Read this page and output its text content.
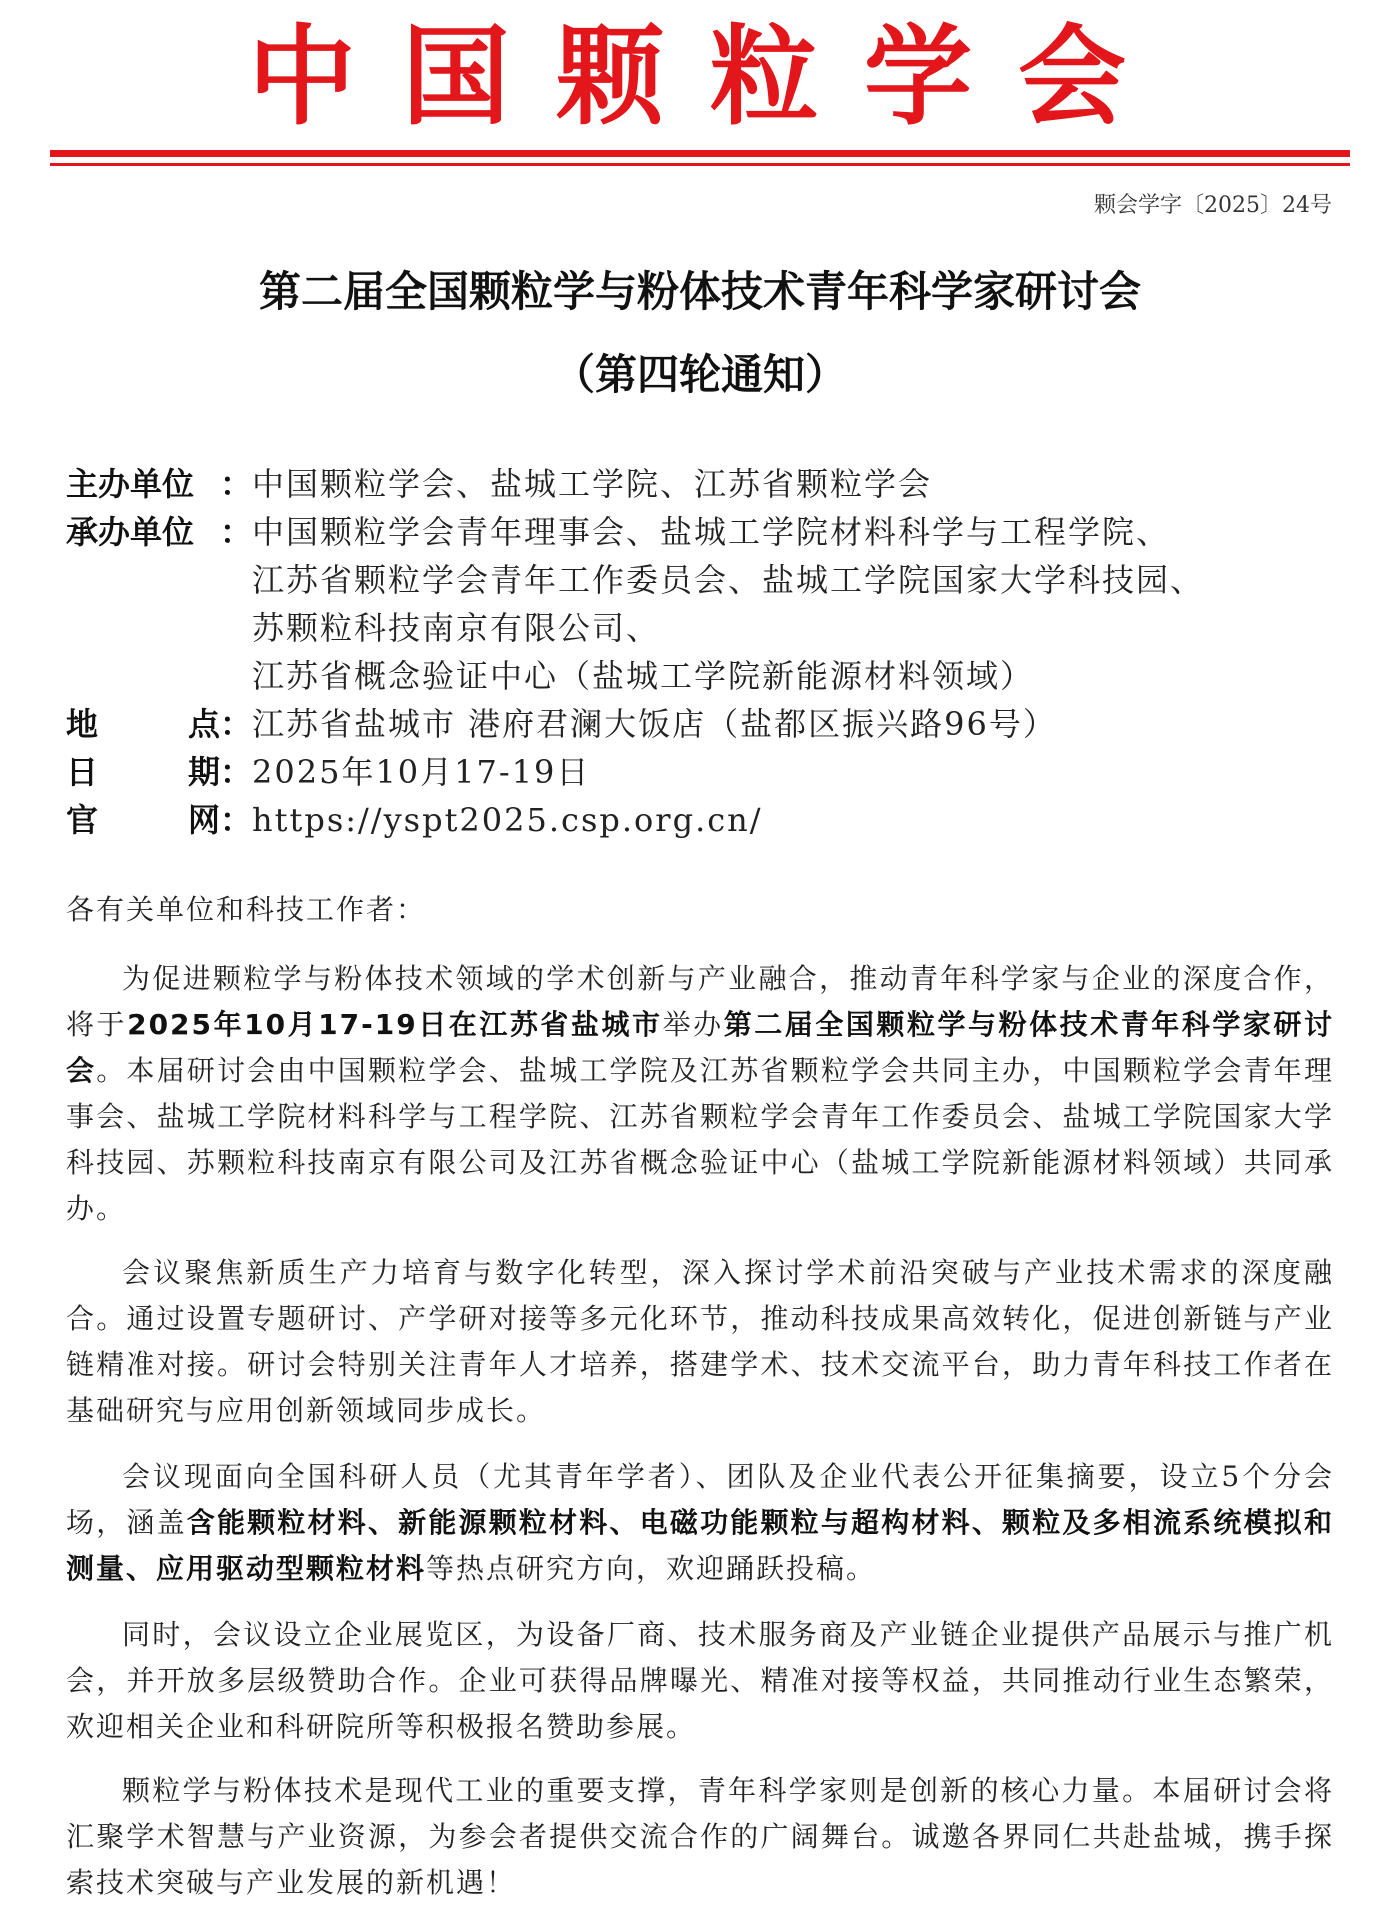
中国颗粒学会
颗会学字〔2025〕24号
第二届全国颗粒学与粉体技术青年科学家研讨会
（第四轮通知）
主办单位 ： 中国颗粒学会、盐城工学院、江苏省颗粒学会
承办单位 ： 中国颗粒学会青年理事会、盐城工学院材料科学与工程学院、
江苏省颗粒学会青年工作委员会、盐城工学院国家大学科技园、
苏颗粒科技南京有限公司、
江苏省概念验证中心（盐城工学院新能源材料领域）
地	点： 江苏省盐城市 港府君澜大饭店（盐都区振兴路96号）
日	期： 2025年10月17-19日
官	网： https://yspt2025.csp.org.cn/
各有关单位和科技工作者：

为促进颗粒学与粉体技术领域的学术创新与产业融合，推动青年科学家与企业的深度合作，将于2025年10月17-19日在江苏省盐城市举办第二届全国颗粒学与粉体技术青年科学家研讨会。本届研讨会由中国颗粒学会、盐城工学院及江苏省颗粒学会共同主办，中国颗粒学会青年理事会、盐城工学院材料科学与工程学院、江苏省颗粒学会青年工作委员会、盐城工学院国家大学科技园、苏颗粒科技南京有限公司及江苏省概念验证中心（盐城工学院新能源材料领域）共同承办。

会议聚焦新质生产力培育与数字化转型，深入探讨学术前沿突破与产业技术需求的深度融合。通过设置专题研讨、产学研对接等多元化环节，推动科技成果高效转化，促进创新链与产业链精准对接。研讨会特别关注青年人才培养，搭建学术、技术交流平台，助力青年科技工作者在基础研究与应用创新领域同步成长。

会议现面向全国科研人员（尤其青年学者）、团队及企业代表公开征集摘要，设立5个分会场，涵盖含能颗粒材料、新能源颗粒材料、电磁功能颗粒与超构材料、颗粒及多相流系统模拟和测量、应用驱动型颗粒材料等热点研究方向，欢迎踊跃投稿。

同时，会议设立企业展览区，为设备厂商、技术服务商及产业链企业提供产品展示与推广机会，并开放多层级赞助合作。企业可获得品牌曝光、精准对接等权益，共同推动行业生态繁荣，欢迎相关企业和科研院所等积极报名赞助参展。

颗粒学与粉体技术是现代工业的重要支撑，青年科学家则是创新的核心力量。本届研讨会将汇聚学术智慧与产业资源，为参会者提供交流合作的广阔舞台。诚邀各界同仁共赴盐城，携手探索技术突破与产业发展的新机遇！
